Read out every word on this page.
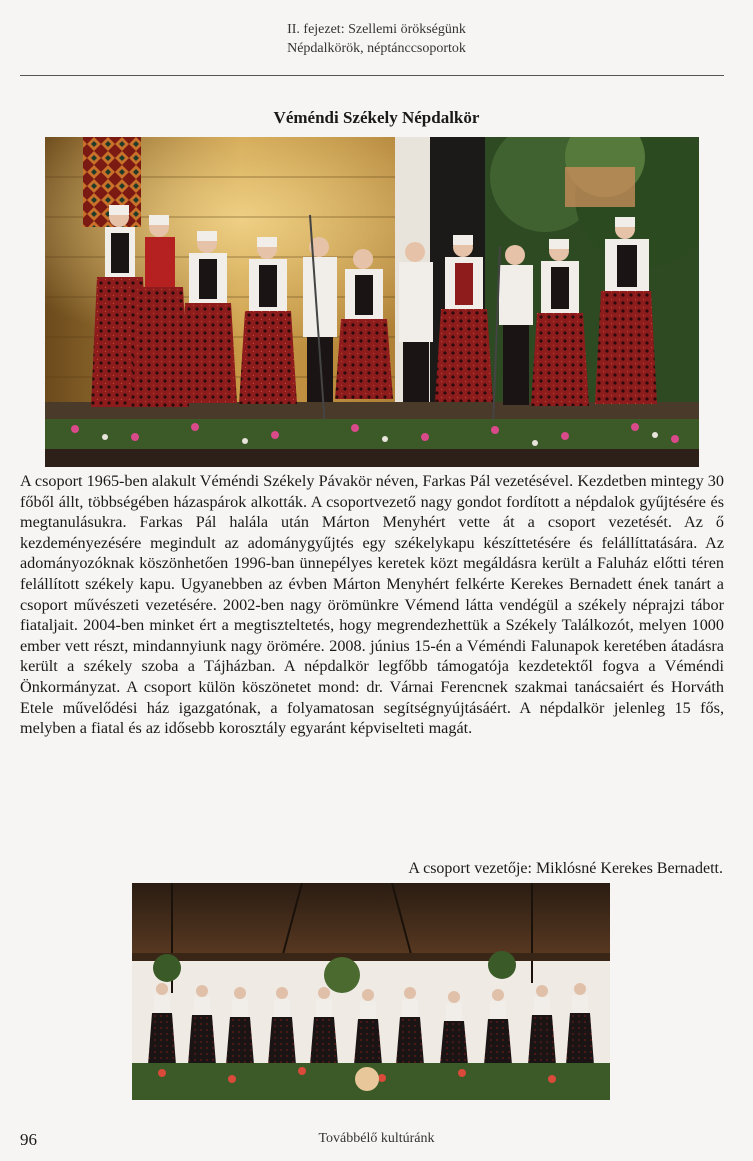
II. fejezet: Szellemi örökségünk
Népdalkörök, néptánccsoportok
Véméndi Székely Népdalkör

A csoport 1965-ben alakult Véméndi Székely Pávakör néven, Farkas Pál vezetésével. Kezdetben mintegy 30 főből állt, többségében házaspárok alkották. A csoportvezető nagy gondot fordított a népdalok gyűjtésére és megtanulásukra. Farkas Pál halála után Márton Menyhért vette át a csoport vezetését. Az ő kezdeményezésére megindult az adománygyűjtés egy székelykapu készíttetésére és felállíttatására. Az adományozóknak köszönhetően 1996-ban ünnepélyes keretek közt megáldásra került a Faluház előtti téren felállított székely kapu. Ugyanebben az évben Márton Menyhért felkérte Kerekes Bernadett ének tanárt a csoport művészeti vezetésére. 2002-ben nagy örömünkre Vémend látta vendégül a székely néprajzi tábor fiataljait. 2004-ben minket ért a megtiszteltetés, hogy megrendezhettük a Székely Találkozót, melyen 1000 ember vett részt, mindannyiunk nagy örömére. 2008. június 15-én a Véméndi Falunapok keretében átadásra került a székely szoba a Tájházban. A népdalkör legfőbb támogatója kezdetektől fogva a Véméndi Önkormányzat. A csoport külön köszönetet mond: dr. Várnai Ferencnek szakmai tanácsaiért és Horváth Etele művelődési ház igazgatónak, a folyamatosan segítségnyújtásáért. A népdalkör jelenleg 15 fős, melyben a fiatal és az idősebb korosztály egyaránt képviselteti magát.

A csoport vezetője: Miklósné Kerekes Bernadett.
96	Továbbélő kultúránk
